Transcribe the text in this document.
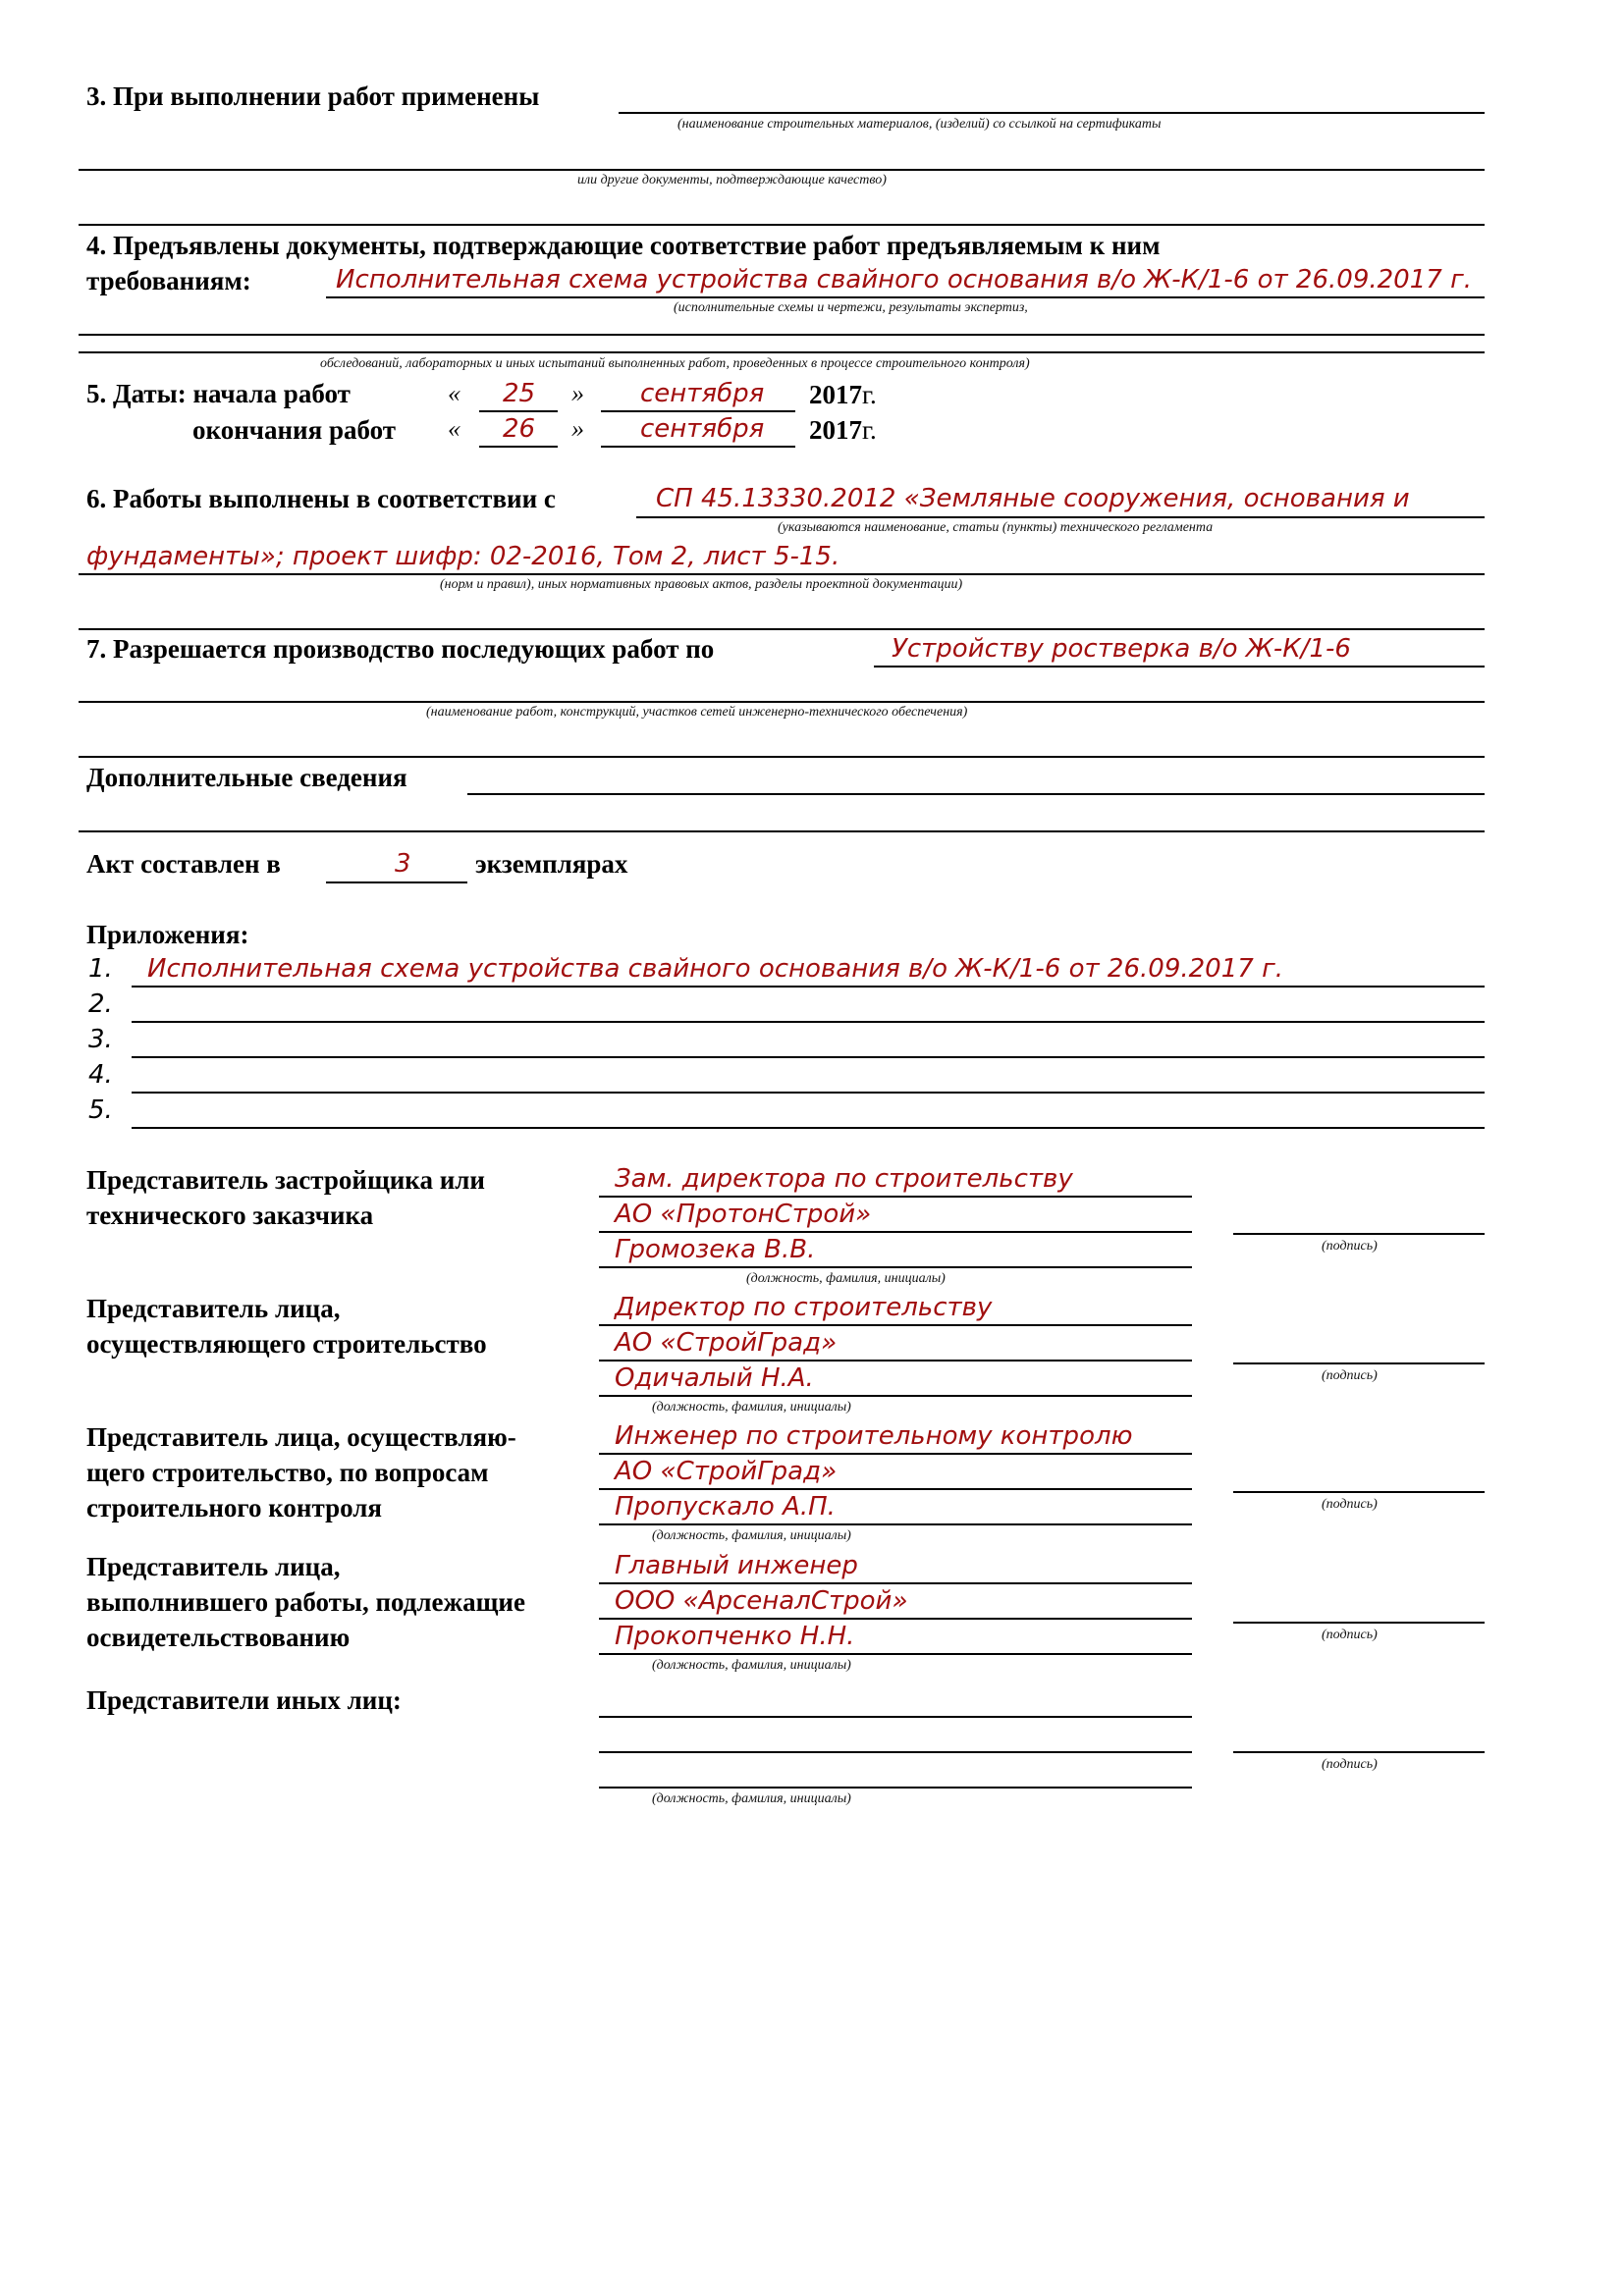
3. При выполнении работ применены
(наименование строительных материалов, (изделий) со ссылкой на сертификаты
или другие документы, подтверждающие качество)
4. Предъявлены документы, подтверждающие соответствие работ предъявляемым к ним
требованиям:	Исполнительная схема устройства свайного основания в/о Ж-К/1-6 от 26.09.2017 г.
(исполнительные схемы и чертежи, результаты экспертиз,
обследований, лабораторных и иных испытаний выполненных работ, проведенных в процессе строительного контроля)
5. Даты: начала работ	« 25 » сентября 2017г.
окончания работ « 26 » сентября 2017г.
6. Работы выполнены в соответствии с	СП 45.13330.2012 «Земляные сооружения, основания и
(указываются наименование, статьи (пункты) технического регламента
фундаменты»; проект шифр: 02-2016, Том 2, лист 5-15.
(норм и правил), иных нормативных правовых актов, разделы проектной документации)
7. Разрешается производство последующих работ по	Устройству ростверка в/о Ж-К/1-6
(наименование работ, конструкций, участков сетей инженерно-технического обеспечения)
Дополнительные сведения
Акт составлен в	3 экземплярах
Приложения:
1. Исполнительная схема устройства свайного основания в/о Ж-К/1-6 от 26.09.2017 г.
2.
3.
4.
5.
Представитель застройщика или
технического заказчика
Зам. директора по строительству
АО «ПротонСтрой»
Громозека В.В.
(должность, фамилия, инициалы)
(подпись)
Представитель лица,
осуществляющего строительство
Директор по строительству
АО «СтройГрад»
Одичалый Н.А.
(должность, фамилия, инициалы)
(подпись)
Представитель лица, осуществляю-
щего строительство, по вопросам
строительного контроля
Инженер по строительному контролю
АО «СтройГрад»
Пропускало А.П.
(должность, фамилия, инициалы)
(подпись)
Представитель лица,
выполнившего работы, подлежащие
освидетельствованию
Главный инженер
ООО «АрсеналСтрой»
Прокопченко Н.Н.
(должность, фамилия, инициалы)
(подпись)
Представители иных лиц:
(должность, фамилия, инициалы)
(подпись)
